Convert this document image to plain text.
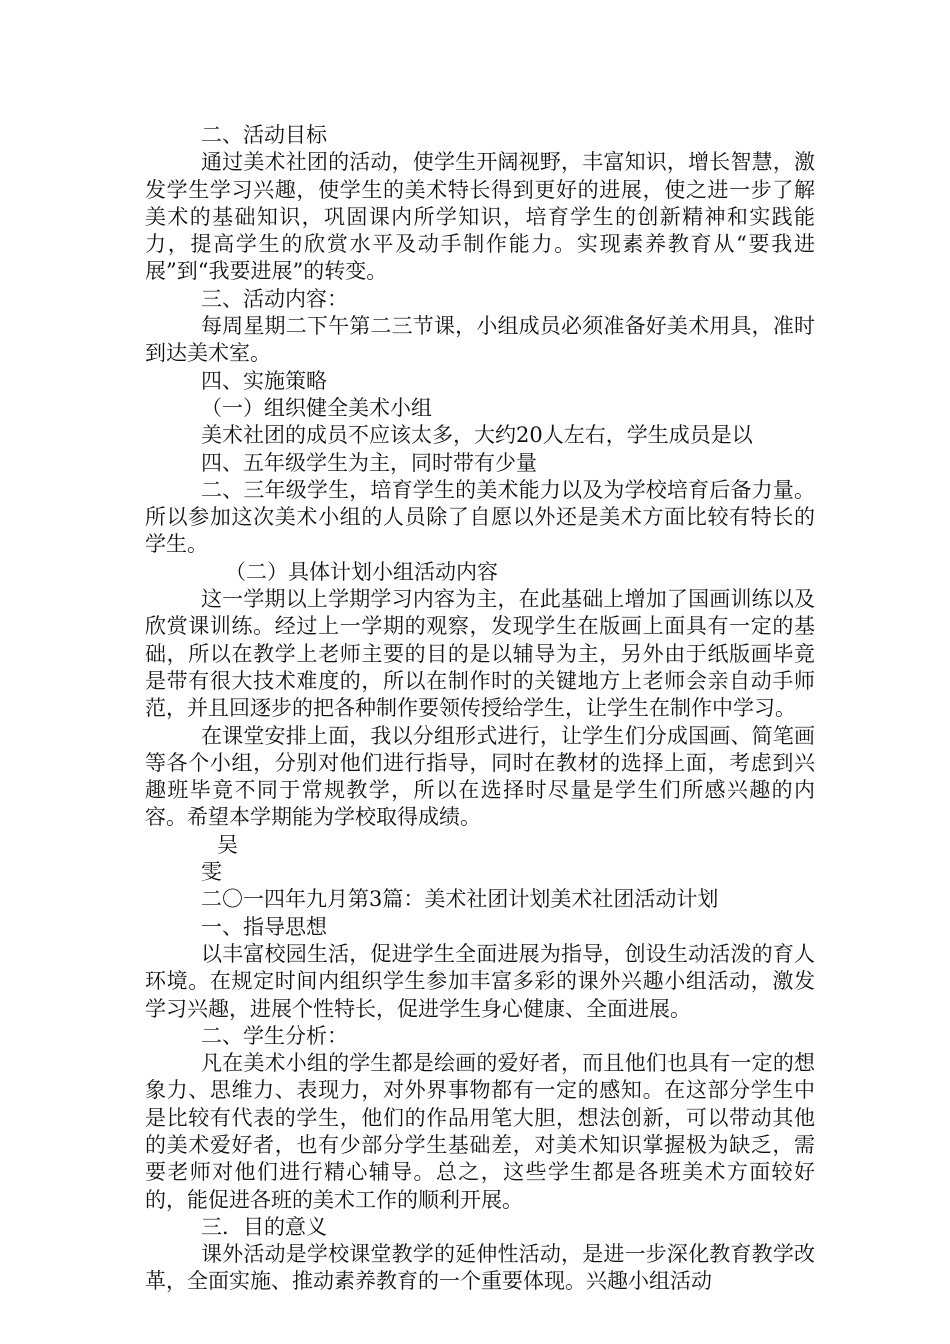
二、活动目标

通过美术社团的活动，使学生开阔视野，丰富知识，增长智慧，激发学生学习兴趣，使学生的美术特长得到更好的进展，使之进一步了解美术的基础知识，巩固课内所学知识，培育学生的创新精神和实践能力，提高学生的欣赏水平及动手制作能力。实现素养教育从“要我进展”到“我要进展”的转变。

三、活动内容：

每周星期二下午第二三节课，小组成员必须准备好美术用具，准时到达美术室。

四、实施策略

（一）组织健全美术小组

美术社团的成员不应该太多，大约20人左右，学生成员是以

四、五年级学生为主，同时带有少量

二、三年级学生，培育学生的美术能力以及为学校培育后备力量。所以参加这次美术小组的人员除了自愿以外还是美术方面比较有特长的学生。

（二）具体计划小组活动内容

这一学期以上学期学习内容为主，在此基础上增加了国画训练以及欣赏课训练。经过上一学期的观察，发现学生在版画上面具有一定的基础，所以在教学上老师主要的目的是以辅导为主，另外由于纸版画毕竟是带有很大技术难度的，所以在制作时的关键地方上老师会亲自动手师范，并且回逐步的把各种制作要领传授给学生，让学生在制作中学习。

在课堂安排上面，我以分组形式进行，让学生们分成国画、简笔画等各个小组，分别对他们进行指导，同时在教材的选择上面，考虑到兴趣班毕竟不同于常规教学，所以在选择时尽量是学生们所感兴趣的内容。希望本学期能为学校取得成绩。

吴

雯

二〇一四年九月第3篇：美术社团计划美术社团活动计划

一、指导思想

以丰富校园生活，促进学生全面进展为指导，创设生动活泼的育人环境。在规定时间内组织学生参加丰富多彩的课外兴趣小组活动，激发学习兴趣，进展个性特长，促进学生身心健康、全面进展。

二、学生分析：

凡在美术小组的学生都是绘画的爱好者，而且他们也具有一定的想象力、思维力、表现力，对外界事物都有一定的感知。在这部分学生中是比较有代表的学生，他们的作品用笔大胆，想法创新，可以带动其他的美术爱好者，也有少部分学生基础差，对美术知识掌握极为缺乏，需要老师对他们进行精心辅导。总之，这些学生都是各班美术方面较好的，能促进各班的美术工作的顺利开展。

三．目的意义

课外活动是学校课堂教学的延伸性活动，是进一步深化教育教学改革，全面实施、推动素养教育的一个重要体现。兴趣小组活动
